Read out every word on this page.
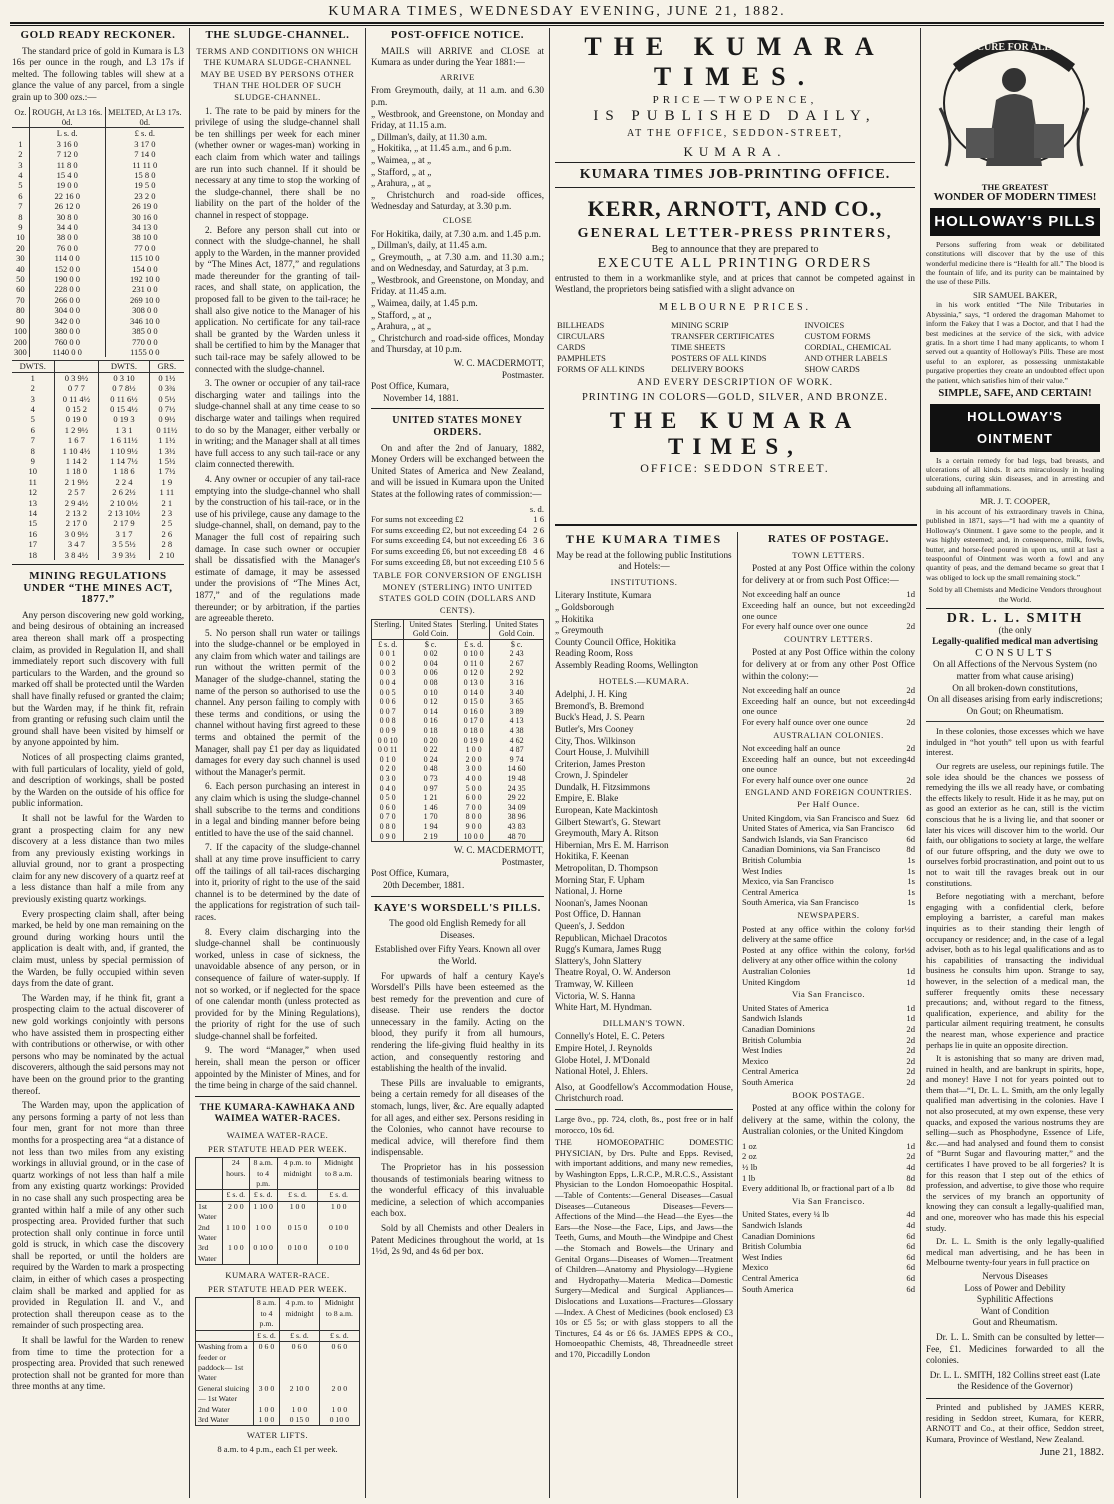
KUMARA TIMES, WEDNESDAY EVENING, JUNE 21, 1882.
GOLD READY RECKONER.

The standard price of gold in Kumara is L3 16s per ounce in the rough, and L3 17s if melted. The following tables will shew at a glance the value of any parcel, from a single grain up to 300 ozs.:—

Oz.	ROUGH, At L3 16s. 0d.	MELTED, At L3 17s. 0d.
	L s. d.	£ s. d.
1	3 16 0	3 17 0
2	7 12 0	7 14 0
3	11 8 0	11 11 0
4	15 4 0	15 8 0
5	19 0 0	19 5 0
6	22 16 0	23 2 0
7	26 12 0	26 19 0
8	30 8 0	30 16 0
9	34 4 0	34 13 0
10	38 0 0	38 10 0
20	76 0 0	77 0 0
30	114 0 0	115 10 0
40	152 0 0	154 0 0
50	190 0 0	192 10 0
60	228 0 0	231 0 0
70	266 0 0	269 10 0
80	304 0 0	308 0 0
90	342 0 0	346 10 0
100	380 0 0	385 0 0
200	760 0 0	770 0 0
300	1140 0 0	1155 0 0
DWTS.		DWTS.	GRS.
1	0 3 9½	0 3 10	0 1½
2	0 7 7	0 7 8½	0 3¾
3	0 11 4½	0 11 6½	0 5½
4	0 15 2	0 15 4½	0 7½
5	0 19 0	0 19 3	0 9½
6	1 2 9½	1 3 1	0 11½
7	1 6 7	1 6 11½	1 1½
8	1 10 4½	1 10 9½	1 3½
9	1 14 2	1 14 7½	1 5½
10	1 18 0	1 18 6	1 7½
11	2 1 9½	2 2 4	1 9
12	2 5 7	2 6 2½	1 11
13	2 9 4½	2 10 0½	2 1
14	2 13 2	2 13 10½	2 3
15	2 17 0	2 17 9	2 5
16	3 0 9½	3 1 7	2 6
17	3 4 7	3 5 5½	2 8
18	3 8 4½	3 9 3½	2 10
MINING REGULATIONS UNDER “THE MINES ACT, 1877.”

Any person discovering new gold working, and being desirous of obtaining an increased area thereon shall mark off a prospecting claim, as provided in Regulation II, and shall immediately report such discovery with full particulars to the Warden, and the ground so marked off shall be protected until the Warden shall have finally refused or granted the claim; but the Warden may, if he think fit, refrain from granting or refusing such claim until the ground shall have been visited by himself or by anyone appointed by him.

Notices of all prospecting claims granted, with full particulars of locality, yield of gold, and description of workings, shall be posted by the Warden on the outside of his office for public information.

It shall not be lawful for the Warden to grant a prospecting claim for any new discovery at a less distance than two miles from any previously existing workings in alluvial ground, nor to grant a prospecting claim for any new discovery of a quartz reef at a less distance than half a mile from any previously existing quartz workings.

Every prospecting claim shall, after being marked, be held by one man remaining on the ground during working hours until the application is dealt with, and, if granted, the claim must, unless by special permission of the Warden, be fully occupied within seven days from the date of grant.

The Warden may, if he think fit, grant a prospecting claim to the actual discoverer of new gold workings conjointly with persons who have assisted them in prospecting either with contributions or otherwise, or with other persons who may be nominated by the actual discoverers, although the said persons may not have been on the ground prior to the granting thereof.

The Warden may, upon the application of any persons forming a party of not less than four men, grant for not more than three months for a prospecting area “at a distance of not less than two miles from any existing workings in alluvial ground, or in the case of quartz workings of not less than half a mile from any existing quartz workings: Provided in no case shall any such prospecting area be granted within half a mile of any other such prospecting area. Provided further that such protection shall only continue in force until gold is struck, in which case the discovery shall be reported, or until the holders are required by the Warden to mark a prospecting claim, in either of which cases a prospecting claim shall be marked and applied for as provided in Regulation II. and V., and protection shall thereupon cease as to the remainder of such prospecting area.

It shall be lawful for the Warden to renew from time to time the protection for a prospecting area. Provided that such renewed protection shall not be granted for more than three months at any time.

THE SLUDGE-CHANNEL.
TERMS AND CONDITIONS ON WHICH THE KUMARA SLUDGE-CHANNEL MAY BE USED BY PERSONS OTHER THAN THE HOLDER OF SUCH SLUDGE-CHANNEL.

1. The rate to be paid by miners for the privilege of using the sludge-channel shall be ten shillings per week for each miner (whether owner or wages-man) working in each claim from which water and tailings are run into such channel. If it should be necessary at any time to stop the working of the sludge-channel, there shall be no liability on the part of the holder of the channel in respect of stoppage.

2. Before any person shall cut into or connect with the sludge-channel, he shall apply to the Warden, in the manner provided by “The Mines Act, 1877,” and regulations made thereunder for the granting of tail-races, and shall state, on application, the proposed fall to be given to the tail-race; he shall also give notice to the Manager of his application. No certificate for any tail-race shall be granted by the Warden unless it shall be certified to him by the Manager that such tail-race may be safely allowed to be connected with the sludge-channel.

3. The owner or occupier of any tail-race discharging water and tailings into the sludge-channel shall at any time cease to so discharge water and tailings when required to do so by the Manager, either verbally or in writing; and the Manager shall at all times have full access to any such tail-race or any claim connected therewith.

4. Any owner or occupier of any tail-race emptying into the sludge-channel who shall by the construction of his tail-race, or in the use of his privilege, cause any damage to the sludge-channel, shall, on demand, pay to the Manager the full cost of repairing such damage. In case such owner or occupier shall be dissatisfied with the Manager's estimate of damage, it may be assessed under the provisions of “The Mines Act, 1877,” and of the regulations made thereunder; or by arbitration, if the parties are agreeable thereto.

5. No person shall run water or tailings into the sludge-channel or be employed in any claim from which water and tailings are run without the written permit of the Manager of the sludge-channel, stating the name of the person so authorised to use the channel. Any person failing to comply with these terms and conditions, or using the channel without having first agreed to these terms and obtained the permit of the Manager, shall pay £1 per day as liquidated damages for every day such channel is used without the Manager's permit.

6. Each person purchasing an interest in any claim which is using the sludge-channel shall subscribe to the terms and conditions in a legal and binding manner before being entitled to have the use of the said channel.

7. If the capacity of the sludge-channel shall at any time prove insufficient to carry off the tailings of all tail-races discharging into it, priority of right to the use of the said channel is to be determined by the date of the applications for registration of such tail-races.

8. Every claim discharging into the sludge-channel shall be continuously worked, unless in case of sickness, the unavoidable absence of any person, or in consequence of failure of water-supply. If not so worked, or if neglected for the space of one calendar month (unless protected as provided for by the Mining Regulations), the priority of right for the use of such sludge-channel shall be forfeited.

9. The word “Manager,” when used herein, shall mean the person or officer appointed by the Minister of Mines, and for the time being in charge of the said channel.

THE KUMARA-KAWHAKA AND WAIMEA WATER-RACES.
WAIMEA WATER-RACE.
PER STATUTE HEAD PER WEEK.
	24 hours.	8 a.m. to 4 p.m.	4 p.m. to midnight	Midnight to 8 a.m.
	£ s. d.	£ s. d.	£ s. d.	£ s. d.
1st Water	2 0 0	1 10 0	1 0 0	1 0 0
2nd Water	1 10 0	1 0 0	0 15 0	0 10 0
3rd Water	1 0 0	0 10 0	0 10 0	0 10 0
KUMARA WATER-RACE.
PER STATUTE HEAD PER WEEK.
	8 a.m. to 4 p.m.	4 p.m. to midnight	Midnight to 8 a.m.
	£ s. d.	£ s. d.	£ s. d.
Washing from a feeder or paddock— 1st Water	0 6 0	0 6 0	0 6 0
General sluicing— 1st Water	3 0 0	2 10 0	2 0 0
2nd Water	1 0 0	1 0 0	1 0 0
3rd Water	1 0 0	0 15 0	0 10 0
WATER LIFTS.
8 a.m. to 4 p.m., each £1 per week.
POST-OFFICE NOTICE.

MAILS will ARRIVE and CLOSE at Kumara as under during the Year 1881:—

ARRIVE
From Greymouth, daily, at 11 a.m. and 6.30 p.m.
„ Westbrook, and Greenstone, on Monday and Friday, at 11.15 a.m.
„ Dillman's, daily, at 11.30 a.m.
„ Hokitika, „ at 11.45 a.m., and 6 p.m.
„ Waimea, „ at „
„ Stafford, „ at „
„ Arahura, „ at „
„ Christchurch and road-side offices, Wednesday and Saturday, at 3.30 p.m.
CLOSE
For Hokitika, daily, at 7.30 a.m. and 1.45 p.m.
„ Dillman's, daily, at 11.45 a.m.
„ Greymouth, „ at 7.30 a.m. and 11.30 a.m.; and on Wednesday, and Saturday, at 3 p.m.
„ Westbrook, and Greenstone, on Monday, and Friday. at 11.45 a.m.
„ Waimea, daily, at 1.45 p.m.
„ Stafford, „ at „
„ Arahura, „ at „
„ Christchurch and road-side offices, Monday and Thursday, at 10 p.m.
W. C. MACDERMOTT,
Postmaster.
Post Office, Kumara,
November 14, 1881.
UNITED STATES MONEY ORDERS.

On and after the 2nd of January, 1882, Money Orders will be exchanged between the United States of America and New Zealand, and will be issued in Kumara upon the United States at the following rates of commission:—

s. d.
For sums not exceeding £2	1 6
For sums exceeding £2, but not exceeding £4 2 6
For sums exceeding £4, but not exceeding £6 3 6
For sums exceeding £6, but not exceeding £8 4 6
For sums exceeding £8, but not exceeding £10 5 6
TABLE FOR CONVERSION OF ENGLISH MONEY (STERLING) INTO UNITED STATES GOLD COIN (DOLLARS AND CENTS).
Sterling.	United States Gold Coin.	Sterling.	United States Gold Coin.
£ s. d.	$ c.	£ s. d.	$ c.
0 0 1	0 02	0 10 0	2 43
0 0 2	0 04	0 11 0	2 67
0 0 3	0 06	0 12 0	2 92
0 0 4	0 08	0 13 0	3 16
0 0 5	0 10	0 14 0	3 40
0 0 6	0 12	0 15 0	3 65
0 0 7	0 14	0 16 0	3 89
0 0 8	0 16	0 17 0	4 13
0 0 9	0 18	0 18 0	4 38
0 0 10	0 20	0 19 0	4 62
0 0 11	0 22	1 0 0	4 87
0 1 0	0 24	2 0 0	9 74
0 2 0	0 48	3 0 0	14 60
0 3 0	0 73	4 0 0	19 48
0 4 0	0 97	5 0 0	24 35
0 5 0	1 21	6 0 0	29 22
0 6 0	1 46	7 0 0	34 09
0 7 0	1 70	8 0 0	38 96
0 8 0	1 94	9 0 0	43 83
0 9 0	2 19	10 0 0	48 70
W. C. MACDERMOTT,
Postmaster,
Post Office, Kumara,
20th December, 1881.
KAYE'S WORSDELL'S PILLS.
The good old English Remedy for all Diseases.
Established over Fifty Years. Known all over the World.

For upwards of half a century Kaye's Worsdell's Pills have been esteemed as the best remedy for the prevention and cure of disease. Their use renders the doctor unnecessary in the family. Acting on the blood, they purify it from all humours, rendering the life-giving fluid healthy in its action, and consequently restoring and establishing the health of the invalid.

These Pills are invaluable to emigrants, being a certain remedy for all diseases of the stomach, lungs, liver, &c. Are equally adapted for all ages, and either sex. Persons residing in the Colonies, who cannot have recourse to medical advice, will therefore find them indispensable.

The Proprietor has in his possession thousands of testimonials bearing witness to the wonderful efficacy of this invaluable medicine, a selection of which accompanies each box.

Sold by all Chemists and other Dealers in Patent Medicines throughout the world, at 1s 1½d, 2s 9d, and 4s 6d per box.

THE KUMARA TIMES.
PRICE—TWOPENCE,
IS PUBLISHED DAILY,
AT THE OFFICE, SEDDON-STREET,
KUMARA.
KUMARA TIMES JOB-PRINTING OFFICE.
KERR, ARNOTT, AND CO.,
GENERAL LETTER-PRESS PRINTERS,
Beg to announce that they are prepared to
EXECUTE ALL PRINTING ORDERS

entrusted to them in a workmanlike style, and at prices that cannot be competed against in Westland, the proprietors being satisfied with a slight advance on

MELBOURNE PRICES.
BILLHEADS	MINING SCRIP	INVOICES
CIRCULARS	TRANSFER CERTIFICATES	CUSTOM FORMS
CARDS	TIME SHEETS	CORDIAL, CHEMICAL
PAMPHLETS	POSTERS OF ALL KINDS	AND OTHER LABELS
FORMS OF ALL KINDS	DELIVERY BOOKS	SHOW CARDS
AND EVERY DESCRIPTION OF WORK.
PRINTING IN COLORS—GOLD, SILVER, AND BRONZE.
THE KUMARA TIMES,
OFFICE: SEDDON STREET.
THE KUMARA TIMES
May be read at the following public Institutions and Hotels:—
INSTITUTIONS.
Literary Institute, Kumara
„ Goldsborough
„ Hokitika
„ Greymouth
County Council Office, Hokitika
Reading Room, Ross
Assembly Reading Rooms, Wellington
HOTELS.—KUMARA.
Adelphi, J. H. King
Bremond's, B. Bremond
Buck's Head, J. S. Pearn
Butler's, Mrs Cooney
City, Thos. Wilkinson
Court House, J. Mulvihill
Criterion, James Preston
Crown, J. Spindeler
Dundalk, H. Fitzsimmons
Empire, E. Blake
European, Kate Mackintosh
Gilbert Stewart's, G. Stewart
Greymouth, Mary A. Ritson
Hibernian, Mrs E. M. Harrison
Hokitika, F. Keenan
Metropolitan, D. Thompson
Morning Star, F. Upham
National, J. Horne
Noonan's, James Noonan
Post Office, D. Hannan
Queen's, J. Seddon
Republican, Michael Dracotos
Rugg's Kumara, James Rugg
Slattery's, John Slattery
Theatre Royal, O. W. Anderson
Tramway, W. Killeen
Victoria, W. S. Hanna
White Hart, M. Hyndman.
DILLMAN'S TOWN.
Connelly's Hotel, E. C. Peters
Empire Hotel, J. Reynolds
Globe Hotel, J. M'Donald
National Hotel, J. Ehlers.
Also, at Goodfellow's Accommodation House, Christchurch road.
Large 8vo., pp. 724, cloth, 8s., post free or in half morocco, 10s 6d.

THE HOMOEOPATHIC DOMESTIC PHYSICIAN, by Drs. Pulte and Epps. Revised, with important additions, and many new remedies, by Washington Epps, L.R.C.P., M.R.C.S., Assistant Physician to the London Homoeopathic Hospital.—Table of Contents:—General Diseases—Casual Diseases—Cutaneous Diseases—Fevers—Affections of the Mind—the Head—the Eyes—the Ears—the Nose—the Face, Lips, and Jaws—the Teeth, Gums, and Mouth—the Windpipe and Chest—the Stomach and Bowels—the Urinary and Genital Organs—Diseases of Women—Treatment of Children—Anatomy and Physiology—Hygiene and Hydropathy—Materia Medica—Domestic Surgery—Medical and Surgical Appliances—Dislocations and Luxations—Fractures—Glossary—Index. A Chest of Medicines (book enclosed) £3 10s or £5 5s; or with glass stoppers to all the Tinctures, £4 4s or £6 6s. JAMES EPPS & CO., Homoeopathic Chemists, 48, Threadneedle street and 170, Piccadilly London

RATES OF POSTAGE.
TOWN LETTERS.

Posted at any Post Office within the colony for delivery at or from such Post Office:—

Not exceeding half an ounce	1d
Exceeding half an ounce, but not exceeding one ounce
2d
For every half ounce over one ounce	2d
COUNTRY LETTERS.

Posted at any Post Office within the colony for delivery at or from any other Post Office within the colony:—

Not exceeding half an ounce	2d
Exceeding half an ounce, but not exceeding one ounce
4d
For every half ounce over one ounce	2d
AUSTRALIAN COLONIES.
Not exceeding half an ounce	2d
Exceeding half an ounce, but not exceeding one ounce
4d
For every half ounce over one ounce	2d
ENGLAND AND FOREIGN COUNTRIES. Per Half Ounce.
United Kingdom, via San Francisco and Suez 6d
United States of America, via San Francisco 6d
Sandwich Islands, via San Francisco	6d
Canadian Dominions, via San Francisco	8d
British Columbia	1s
West Indies	1s
Mexico, via San Francisco	1s
Central America	1s
South America, via San Francisco	1s
NEWSPAPERS.
Posted at any office within the colony for delivery at the same office
½d
Posted at any office within the colony, for delivery at any other office within the colony
½d
Australian Colonies	1d
United Kingdom	1d
Via San Francisco.
United States of America	1d
Sandwich Islands	1d
Canadian Dominions	2d
British Columbia	2d
West Indies	2d
Mexico	2d
Central America	2d
South America	2d
BOOK POSTAGE.

Posted at any office within the colony for delivery at the same, within the colony, the Australian colonies, or the United Kingdom

1 oz	1d
2 oz	2d
½ lb	4d
1 lb	8d
Every additional lb, or fractional part of a lb 8d
Via San Francisco.
United States, every ¼ lb	4d
Sandwich Islands	4d
Canadian Dominions	6d
British Columbia	6d
West Indies	6d
Mexico	6d
Central America	6d
South America	6d
CURE FOR ALL
THE GREATEST
WONDER OF MODERN TIMES!
HOLLOWAY'S PILLS

Persons suffering from weak or debilitated constitutions will discover that by the use of this wonderful medicine there is “Health for all.” The blood is the fountain of life, and its purity can be maintained by the use of these Pills.

SIR SAMUEL BAKER,

in his work entitled “The Nile Tributaries in Abyssinia,” says, “I ordered the dragoman Mahomet to inform the Fakey that I was a Doctor, and that I had the best medicines at the service of the sick, with advice gratis. In a short time I had many applicants, to whom I served out a quantity of Holloway's Pills. These are most useful to an explorer, as possessing unmistakable purgative properties they create an undoubted effect upon the patient, which satisfies him of their value.”

SIMPLE, SAFE, AND CERTAIN!
HOLLOWAY'S OINTMENT

Is a certain remedy for bad legs, bad breasts, and ulcerations of all kinds. It acts miraculously in healing ulcerations, curing skin diseases, and in arresting and subduing all inflammations.

MR. J. T. COOPER,

in his account of his extraordinary travels in China, published in 1871, says—“I had with me a quantity of Holloway's Ointment. I gave some to the people, and it was highly esteemed; and, in consequence, milk, fowls, butter, and horse-feed poured in upon us, until at last a teaspoonful of Ointment was worth a fowl and any quantity of peas, and the demand became so great that I was obliged to lock up the small remaining stock.”

Sold by all Chemists and Medicine Vendors throughout the World.
DR. L. L. SMITH
(the only
Legally-qualified medical man advertising
CONSULTS
On all Affections of the Nervous System (no matter from what cause arising)
On all broken-down constitutions,
On all diseases arising from early indiscretions;
On Gout; on Rheumatism.

In these colonies, those excesses which we have indulged in “hot youth” tell upon us with fearful interest.

Our regrets are useless, our repinings futile. The sole idea should be the chances we possess of remedying the ills we all ready have, or combating the effects likely to result. Hide it as he may, put on as good an exterior as he can, still is the victim conscious that he is a living lie, and that sooner or later his vices will discover him to the world. Our faith, our obligations to society at large, the welfare of our future offspring, and the duty we owe to ourselves forbid procrastination, and point out to us not to wait till the ravages break out in our constitutions.

Before negotiating with a merchant, before engaging with a confidential clerk, before employing a barrister, a careful man makes inquiries as to their standing their length of occupancy or residence; and, in the case of a legal adviser, both as to his legal qualifications and as to his capabilities of transacting the individual business he consults him upon. Strange to say, however, in the selection of a medical man, the sufferer frequently omits these necessary precautions; and, without regard to the fitness, qualification, experience, and ability for the particular ailment requiring treatment, he consults the nearest man, whose experience and practice perhaps lie in quite an opposite direction.

It is astonishing that so many are driven mad, ruined in health, and are bankrupt in spirits, hope, and money! Have I not for years pointed out to them that—“I, Dr. L. L. Smith, am the only legally qualified man advertising in the colonies. Have I not also prosecuted, at my own expense, these very quacks, and exposed the various nostrums they are selling—such as Phosphodyne, Essence of Life, &c.—and had analysed and found them to consist of “Burnt Sugar and flavouring matter,” and the certificates I have proved to be all forgeries? It is for this reason that I step out of the ethics of profession, and advertise, to give those who require the services of my branch an opportunity of knowing they can consult a legally-qualified man, and one, moreover who has made this his especial study.

Dr. L. L. Smith is the only legally-qualified medical man advertising, and he has been in Melbourne twenty-four years in full practice on

Nervous Diseases
Loss of Power and Debility
Syphilitic Affections
Want of Condition
Gout and Rheumatism.

Dr. L. L. Smith can be consulted by letter—Fee, £1. Medicines forwarded to all the colonies.

Dr. L. L. SMITH, 182 Collins street east (Late the Residence of the Governor)

Printed and published by JAMES KERR, residing in Seddon street, Kumara, for KERR, ARNOTT and Co., at their office, Seddon street, Kumara, Province of Westland, New Zealand.

June 21, 1882.
